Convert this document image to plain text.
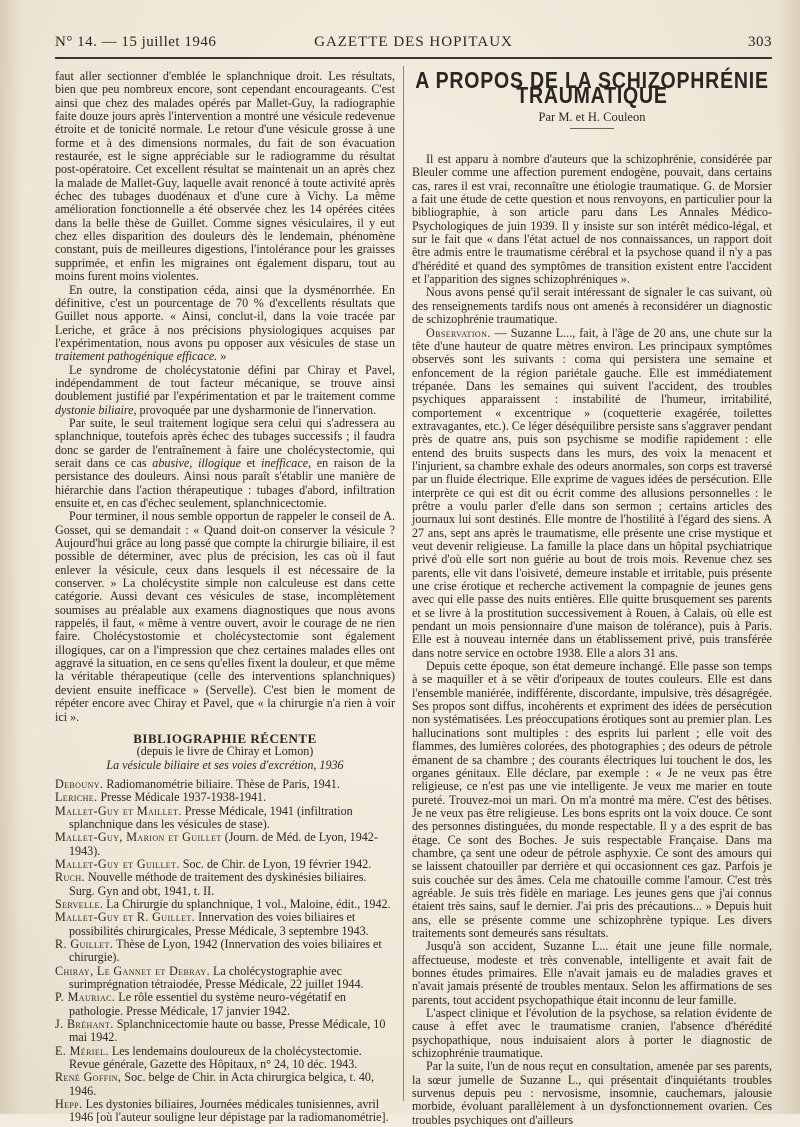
N° 14. — 15 juillet 1946	GAZETTE DES HOPITAUX	303

faut aller sectionner d'emblée le splanchnique droit. Les résultats, bien que peu nombreux encore, sont cependant encourageants. C'est ainsi que chez des malades opérés par Mallet-Guy, la radiographie faite douze jours après l'intervention a montré une vésicule redevenue étroite et de tonicité normale. Le retour d'une vésicule grosse à une forme et à des dimensions normales, du fait de son évacuation restaurée, est le signe appréciable sur le radiogramme du résultat post-opératoire. Cet excellent résultat se maintenait un an après chez la malade de Mallet-Guy, laquelle avait renoncé à toute activité après échec des tubages duodénaux et d'une cure à Vichy. La même amélioration fonctionnelle a été observée chez les 14 opérées citées dans la belle thèse de Guillet. Comme signes vésiculaires, il y eut chez elles disparition des douleurs dès le lendemain, phénomène constant, puis de meilleures digestions, l'intolérance pour les graisses supprimée, et enfin les migraines ont également disparu, tout au moins furent moins violentes.

En outre, la constipation céda, ainsi que la dysménorrhée. En définitive, c'est un pourcentage de 70 % d'excellents résultats que Guillet nous apporte. « Ainsi, conclut-il, dans la voie tracée par Leriche, et grâce à nos précisions physiologiques acquises par l'expérimentation, nous avons pu opposer aux vésicules de stase un traitement pathogénique efficace. »

Le syndrome de cholécystatonie défini par Chiray et Pavel, indépendamment de tout facteur mécanique, se trouve ainsi doublement justifié par l'expérimentation et par le traitement comme dystonie biliaire, provoquée par une dysharmonie de l'innervation.

Par suite, le seul traitement logique sera celui qui s'adressera au splanchnique, toutefois après échec des tubages successifs ; il faudra donc se garder de l'entraînement à faire une cholécystectomie, qui serait dans ce cas abusive, illogique et inefficace, en raison de la persistance des douleurs. Ainsi nous paraît s'établir une manière de hiérarchie dans l'action thérapeutique : tubages d'abord, infiltration ensuite et, en cas d'échec seulement, splanchnicectomie.

Pour terminer, il nous semble opportun de rappeler le conseil de A. Gosset, qui se demandait : « Quand doit-on conserver la vésicule ? Aujourd'hui grâce au long passé que compte la chirurgie biliaire, il est possible de déterminer, avec plus de précision, les cas où il faut enlever la vésicule, ceux dans lesquels il est nécessaire de la conserver. » La cholécystite simple non calculeuse est dans cette catégorie. Aussi devant ces vésicules de stase, incomplètement soumises au préalable aux examens diagnostiques que nous avons rappelés, il faut, « même à ventre ouvert, avoir le courage de ne rien faire. Cholécystostomie et cholécystectomie sont également illogiques, car on a l'impression que chez certaines malades elles ont aggravé la situation, en ce sens qu'elles fixent la douleur, et que même la véritable thérapeutique (celle des interventions splanchniques) devient ensuite inefficace » (Servelle). C'est bien le moment de répéter encore avec Chiray et Pavel, que « la chirurgie n'a rien à voir ici ».

BIBLIOGRAPHIE RÉCENTE
(depuis le livre de Chiray et Lomon)
La vésicule biliaire et ses voies d'excrétion, 1936

Debouny. Radiomanométrie biliaire. Thèse de Paris, 1941.

Leriche. Presse Médicale 1937-1938-1941.

Mallet-Guy et Maillet. Presse Médicale, 1941 (infiltration splanchnique dans les vésicules de stase).

Mallet-Guy, Marion et Guillet (Journ. de Méd. de Lyon, 1942-1943).

Mallet-Guy et Guillet. Soc. de Chir. de Lyon, 19 février 1942.

Ruch. Nouvelle méthode de traitement des dyskinésies biliaires. Surg. Gyn and obt, 1941, t. II.

Servelle. La Chirurgie du splanchnique, 1 vol., Maloine, édit., 1942.

Mallet-Guy et R. Guillet. Innervation des voies biliaires et possibilités chirurgicales, Presse Médicale, 3 septembre 1943.

R. Guillet. Thèse de Lyon, 1942 (Innervation des voies biliaires et chirurgie).

Chiray, Le Gannet et Debray. La cholécystographie avec surimprégnation tétraiodée, Presse Médicale, 22 juillet 1944.

P. Mauriac. Le rôle essentiel du système neuro-végétatif en pathologie. Presse Médicale, 17 janvier 1942.

J. Bréhant. Splanchnicectomie haute ou basse, Presse Médicale, 10 mai 1942.

E. Mériel. Les lendemains douloureux de la cholécystectomie. Revue générale, Gazette des Hôpitaux, n° 24, 10 déc. 1943.

René Goffin, Soc. belge de Chir. in Acta chirurgica belgica, t. 40, 1946.

Hepp. Les dystonies biliaires, Journées médicales tunisiennes, avril 1946 [où l'auteur souligne leur dépistage par la radiomanométrie].

A PROPOS DE LA SCHIZOPHRÉNIE TRAUMATIQUE
Par M. et H. Couleon

Il est apparu à nombre d'auteurs que la schizophrénie, considérée par Bleuler comme une affection purement endogène, pouvait, dans certains cas, rares il est vrai, reconnaître une étiologie traumatique. G. de Morsier a fait une étude de cette question et nous renvoyons, en particulier pour la bibliographie, à son article paru dans Les Annales Médico-Psychologiques de juin 1939. Il y insiste sur son intérêt médico-légal, et sur le fait que « dans l'état actuel de nos connaissances, un rapport doit être admis entre le traumatisme cérébral et la psychose quand il n'y a pas d'hérédité et quand des symptômes de transition existent entre l'accident et l'apparition des signes schizophréniques ».

Nous avons pensé qu'il serait intéressant de signaler le cas suivant, où des renseignements tardifs nous ont amenés à reconsidérer un diagnostic de schizophrénie traumatique.

Observation. — Suzanne L..., fait, à l'âge de 20 ans, une chute sur la tête d'une hauteur de quatre mètres environ. Les principaux symptômes observés sont les suivants : coma qui persistera une semaine et enfoncement de la région pariétale gauche. Elle est immédiatement trépanée. Dans les semaines qui suivent l'accident, des troubles psychiques apparaissent : instabilité de l'humeur, irritabilité, comportement « excentrique » (coquetterie exagérée, toilettes extravagantes, etc.). Ce léger déséquilibre persiste sans s'aggraver pendant près de quatre ans, puis son psychisme se modifie rapidement : elle entend des bruits suspects dans les murs, des voix la menacent et l'injurient, sa chambre exhale des odeurs anormales, son corps est traversé par un fluide électrique. Elle exprime de vagues idées de persécution. Elle interprète ce qui est dit ou écrit comme des allusions personnelles : le prêtre a voulu parler d'elle dans son sermon ; certains articles des journaux lui sont destinés. Elle montre de l'hostilité à l'égard des siens. A 27 ans, sept ans après le traumatisme, elle présente une crise mystique et veut devenir religieuse. La famille la place dans un hôpital psychiatrique privé d'où elle sort non guérie au bout de trois mois. Revenue chez ses parents, elle vit dans l'oisiveté, demeure instable et irritable, puis présente une crise érotique et recherche activement la compagnie de jeunes gens avec qui elle passe des nuits entières. Elle quitte brusquement ses parents et se livre à la prostitution successivement à Rouen, à Calais, où elle est pendant un mois pensionnaire d'une maison de tolérance), puis à Paris. Elle est à nouveau internée dans un établissement privé, puis transférée dans notre service en octobre 1938. Elle a alors 31 ans.

Depuis cette époque, son état demeure inchangé. Elle passe son temps à se maquiller et à se vêtir d'oripeaux de toutes couleurs. Elle est dans l'ensemble maniérée, indifférente, discordante, impulsive, très désagrégée. Ses propos sont diffus, incohérents et expriment des idées de persécution non systématisées. Les préoccupations érotiques sont au premier plan. Les hallucinations sont multiples : des esprits lui parlent ; elle voit des flammes, des lumières colorées, des photographies ; des odeurs de pétrole émanent de sa chambre ; des courants électriques lui touchent le dos, les organes génitaux. Elle déclare, par exemple : « Je ne veux pas être religieuse, ce n'est pas une vie intelligente. Je veux me marier en toute pureté. Trouvez-moi un mari. On m'a montré ma mère. C'est des bêtises. Je ne veux pas être religieuse. Les bons esprits ont la voix douce. Ce sont des personnes distinguées, du monde respectable. Il y a des esprit de bas étage. Ce sont des Boches. Je suis respectable Française. Dans ma chambre, ça sent une odeur de pétrole asphyxie. Ce sont des amours qui se laissent chatouiller par derrière et qui occasionnent ces gaz. Parfois je suis couchée sur des âmes. Cela me chatouille comme l'amour. C'est très agréable. Je suis très fidèle en mariage. Les jeunes gens que j'ai connus étaient très sains, sauf le dernier. J'ai pris des précautions... » Depuis huit ans, elle se présente comme une schizophrène typique. Les divers traitements sont demeurés sans résultats.

Jusqu'à son accident, Suzanne L... était une jeune fille normale, affectueuse, modeste et très convenable, intelligente et avait fait de bonnes études primaires. Elle n'avait jamais eu de maladies graves et n'avait jamais présenté de troubles mentaux. Selon les affirmations de ses parents, tout accident psychopathique était inconnu de leur famille.

L'aspect clinique et l'évolution de la psychose, sa relation évidente de cause à effet avec le traumatisme cranien, l'absence d'hérédité psychopathique, nous induisaient alors à porter le diagnostic de schizophrénie traumatique.

Par la suite, l'un de nous reçut en consultation, amenée par ses parents, la sœur jumelle de Suzanne L., qui présentait d'inquiétants troubles survenus depuis peu : nervosisme, insomnie, cauchemars, jalousie morbide, évoluant parallèlement à un dysfonctionnement ovarien. Ces troubles psychiques ont d'ailleurs
